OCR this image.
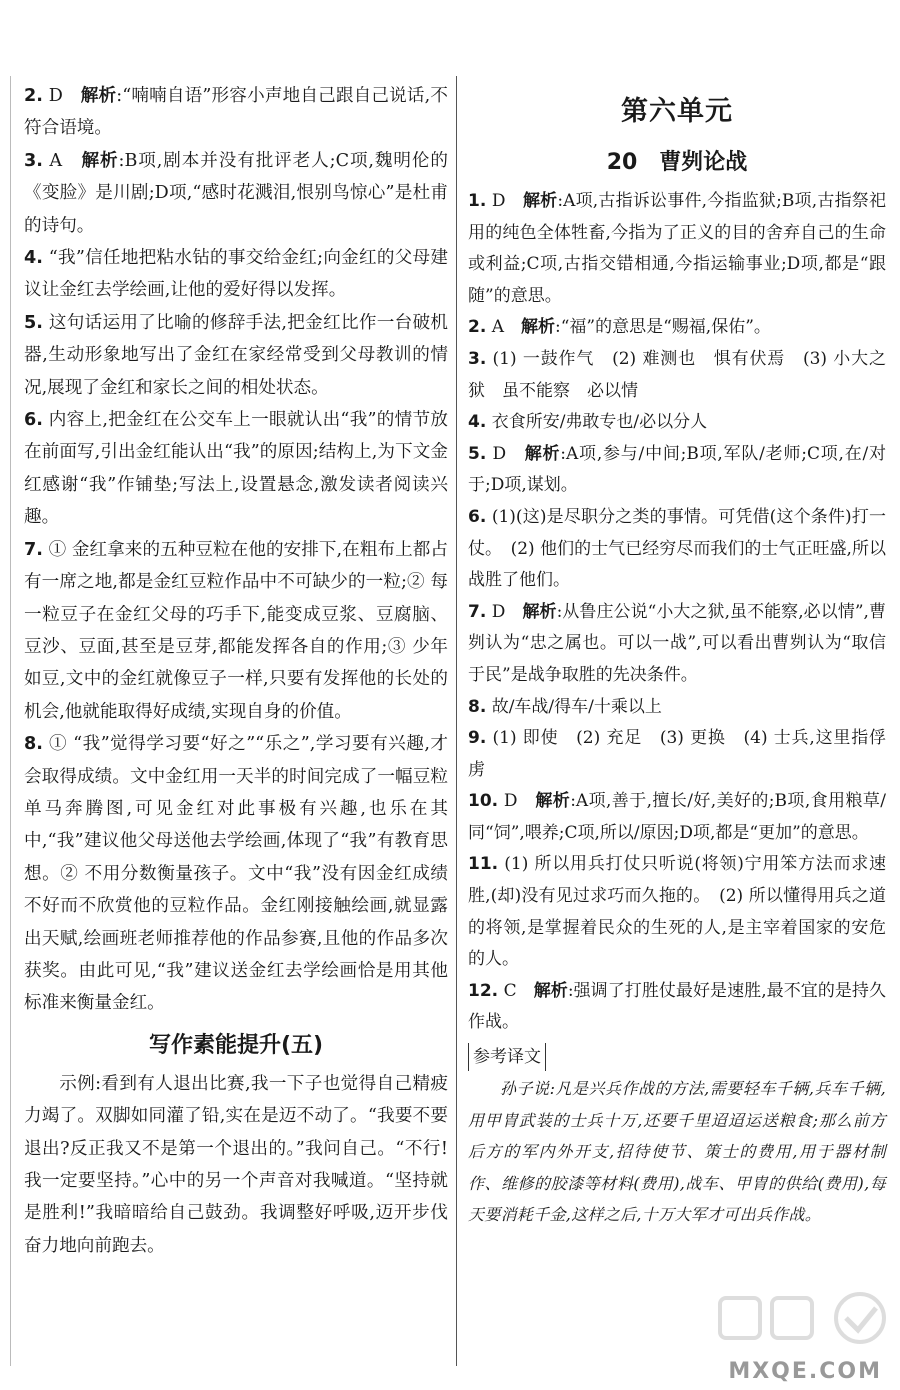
2. D　解析:“喃喃自语”形容小声地自己跟自己说话,不符合语境。

3. A　解析:B项,剧本并没有批评老人;C项,魏明伦的《变脸》是川剧;D项,“感时花溅泪,恨别鸟惊心”是杜甫的诗句。

4. “我”信任地把粘水钻的事交给金红;向金红的父母建议让金红去学绘画,让他的爱好得以发挥。

5. 这句话运用了比喻的修辞手法,把金红比作一台破机器,生动形象地写出了金红在家经常受到父母教训的情况,展现了金红和家长之间的相处状态。

6. 内容上,把金红在公交车上一眼就认出“我”的情节放在前面写,引出金红能认出“我”的原因;结构上,为下文金红感谢“我”作铺垫;写法上,设置悬念,激发读者阅读兴趣。

7. ① 金红拿来的五种豆粒在他的安排下,在粗布上都占有一席之地,都是金红豆粒作品中不可缺少的一粒;② 每一粒豆子在金红父母的巧手下,能变成豆浆、豆腐脑、豆沙、豆面,甚至是豆芽,都能发挥各自的作用;③ 少年如豆,文中的金红就像豆子一样,只要有发挥他的长处的机会,他就能取得好成绩,实现自身的价值。

8. ① “我”觉得学习要“好之”“乐之”,学习要有兴趣,才会取得成绩。文中金红用一天半的时间完成了一幅豆粒单马奔腾图,可见金红对此事极有兴趣,也乐在其中,“我”建议他父母送他去学绘画,体现了“我”有教育思想。② 不用分数衡量孩子。文中“我”没有因金红成绩不好而不欣赏他的豆粒作品。金红刚接触绘画,就显露出天赋,绘画班老师推荐他的作品参赛,且他的作品多次获奖。由此可见,“我”建议送金红去学绘画恰是用其他标准来衡量金红。

写作素能提升(五)

示例:看到有人退出比赛,我一下子也觉得自己精疲力竭了。双脚如同灌了铅,实在是迈不动了。“我要不要退出?反正我又不是第一个退出的。”我问自己。“不行!我一定要坚持。”心中的另一个声音对我喊道。“坚持就是胜利!”我暗暗给自己鼓劲。我调整好呼吸,迈开步伐奋力地向前跑去。

第六单元
20　曹刿论战

1. D　解析:A项,古指诉讼事件,今指监狱;B项,古指祭祀用的纯色全体牲畜,今指为了正义的目的舍弃自己的生命或利益;C项,古指交错相通,今指运输事业;D项,都是“跟随”的意思。

2. A　解析:“福”的意思是“赐福,保佑”。

3. (1) 一鼓作气　(2) 难测也　惧有伏焉　(3) 小大之狱　虽不能察　必以情

4. 衣食所安/弗敢专也/必以分人

5. D　解析:A项,参与/中间;B项,军队/老师;C项,在/对于;D项,谋划。

6. (1)(这)是尽职分之类的事情。可凭借(这个条件)打一仗。　(2) 他们的士气已经穷尽而我们的士气正旺盛,所以战胜了他们。

7. D　解析:从鲁庄公说“小大之狱,虽不能察,必以情”,曹刿认为“忠之属也。可以一战”,可以看出曹刿认为“取信于民”是战争取胜的先决条件。

8. 故/车战/得车/十乘以上

9. (1) 即使　(2) 充足　(3) 更换　(4) 士兵,这里指俘虏

10. D　解析:A项,善于,擅长/好,美好的;B项,食用粮草/同“饲”,喂养;C项,所以/原因;D项,都是“更加”的意思。

11. (1) 所以用兵打仗只听说(将领)宁用笨方法而求速胜,(却)没有见过求巧而久拖的。　(2) 所以懂得用兵之道的将领,是掌握着民众的生死的人,是主宰着国家的安危的人。

12. C　解析:强调了打胜仗最好是速胜,最不宜的是持久作战。

参考译文

孙子说:凡是兴兵作战的方法,需要轻车千辆,兵车千辆,用甲胄武装的士兵十万,还要千里迢迢运送粮食;那么前方后方的军内外开支,招待使节、策士的费用,用于器材制作、维修的胶漆等材料(费用),战车、甲胄的供给(费用),每天要消耗千金,这样之后,十万大军才可出兵作战。

MXQE.COM
